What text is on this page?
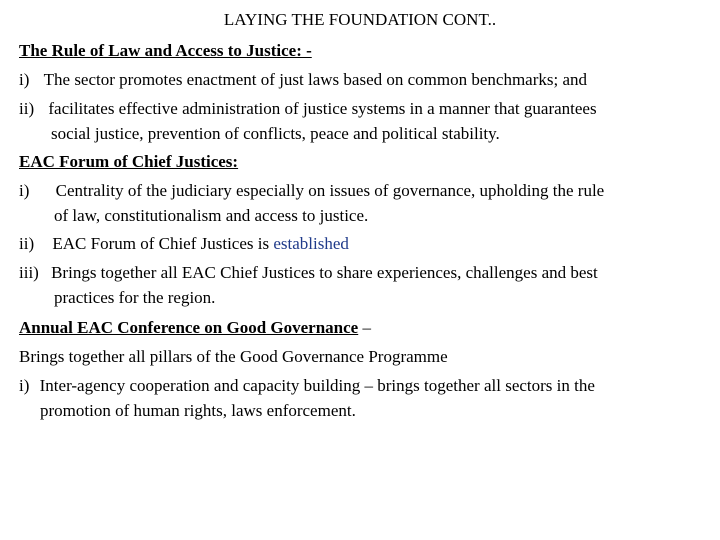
LAYING THE FOUNDATION CONT..
The Rule of Law and Access to Justice: -
i) The sector promotes enactment of just laws based on common benchmarks; and
ii) facilitates effective administration of justice systems in a manner that guarantees
social justice, prevention of conflicts, peace and political stability.
EAC Forum of Chief Justices:
i) Centrality of the judiciary especially on issues of governance, upholding the rule
of law, constitutionalism and access to justice.
ii) EAC Forum of Chief Justices is established
iii) Brings together all EAC Chief Justices to share experiences, challenges and best
practices for the region.
Annual EAC Conference on Good Governance –
Brings together all pillars of the Good Governance Programme
i) Inter-agency cooperation and capacity building – brings together all sectors in the
promotion of human rights, laws enforcement.
